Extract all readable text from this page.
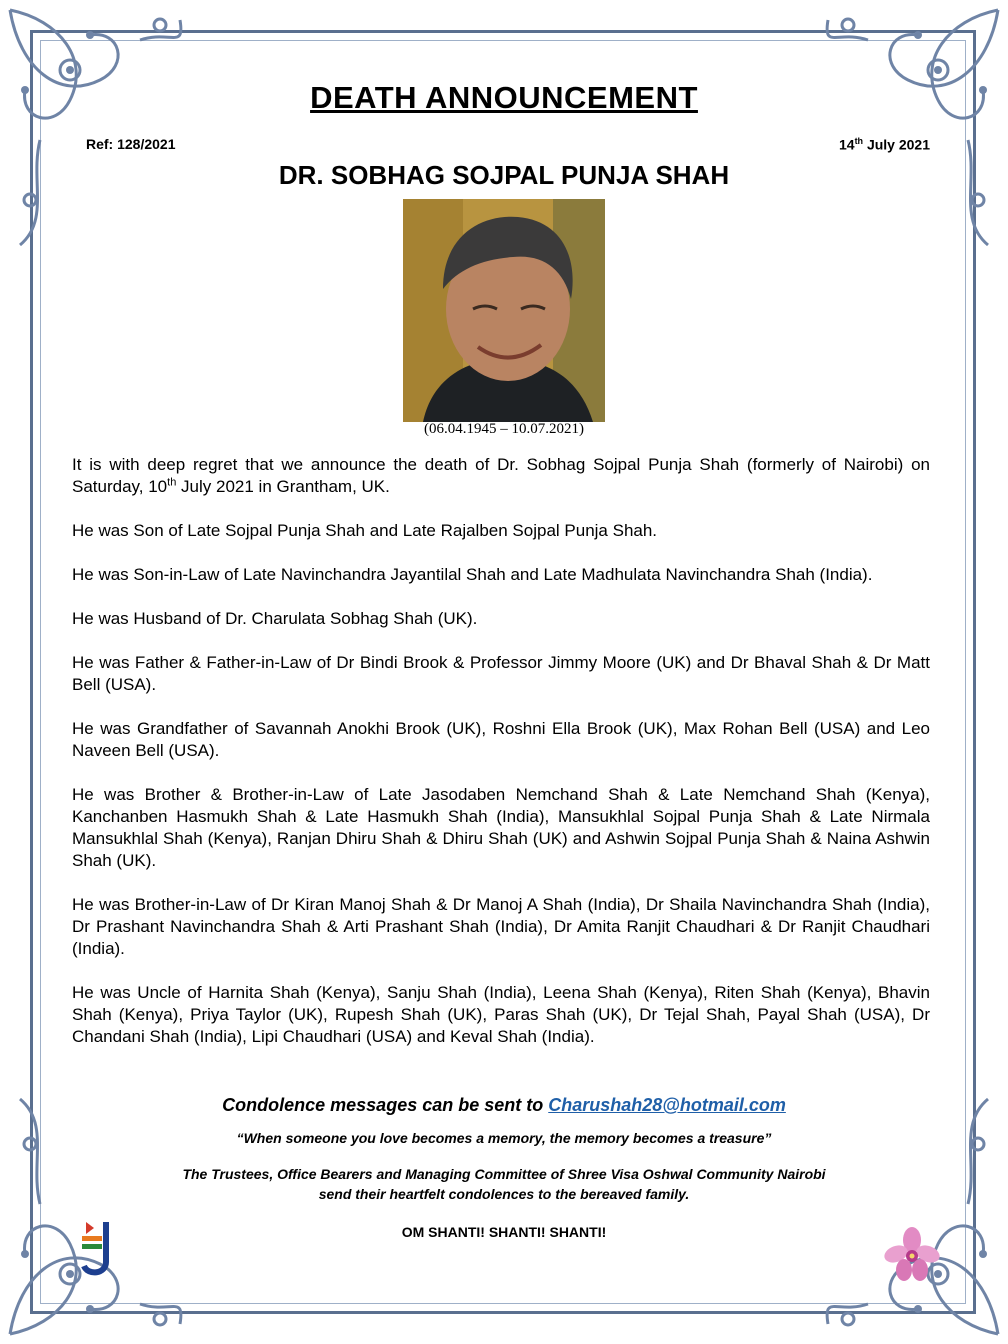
DEATH ANNOUNCEMENT
Ref: 128/2021	14th July 2021
DR. SOBHAG SOJPAL PUNJA SHAH
(06.04.1945 – 10.07.2021)

It is with deep regret that we announce the death of Dr. Sobhag Sojpal Punja Shah (formerly of Nairobi) on Saturday, 10th July 2021 in Grantham, UK.

He was Son of Late Sojpal Punja Shah and Late Rajalben Sojpal Punja Shah.

He was Son-in-Law of Late Navinchandra Jayantilal Shah and Late Madhulata Navinchandra Shah (India).

He was Husband of Dr. Charulata Sobhag Shah (UK).

He was Father & Father-in-Law of Dr Bindi Brook & Professor Jimmy Moore (UK) and Dr Bhaval Shah & Dr Matt Bell (USA).

He was Grandfather of Savannah Anokhi Brook (UK), Roshni Ella Brook (UK), Max Rohan Bell (USA) and Leo Naveen Bell (USA).

He was Brother & Brother-in-Law of Late Jasodaben Nemchand Shah & Late Nemchand Shah (Kenya), Kanchanben Hasmukh Shah & Late Hasmukh Shah (India), Mansukhlal Sojpal Punja Shah & Late Nirmala Mansukhlal Shah (Kenya), Ranjan Dhiru Shah & Dhiru Shah (UK) and Ashwin Sojpal Punja Shah & Naina Ashwin Shah (UK).

He was Brother-in-Law of Dr Kiran Manoj Shah & Dr Manoj A Shah (India), Dr Shaila Navinchandra Shah (India), Dr Prashant Navinchandra Shah & Arti Prashant Shah (India), Dr Amita Ranjit Chaudhari & Dr Ranjit Chaudhari (India).

He was Uncle of Harnita Shah (Kenya), Sanju Shah (India), Leena Shah (Kenya), Riten Shah (Kenya), Bhavin Shah (Kenya), Priya Taylor (UK), Rupesh Shah (UK), Paras Shah (UK), Dr Tejal Shah, Payal Shah (USA), Dr Chandani Shah (India), Lipi Chaudhari (USA) and Keval Shah (India).

Condolence messages can be sent to Charushah28@hotmail.com
“When someone you love becomes a memory, the memory becomes a treasure”
The Trustees, Office Bearers and Managing Committee of Shree Visa Oshwal Community Nairobi
send their heartfelt condolences to the bereaved family.
OM SHANTI! SHANTI! SHANTI!
